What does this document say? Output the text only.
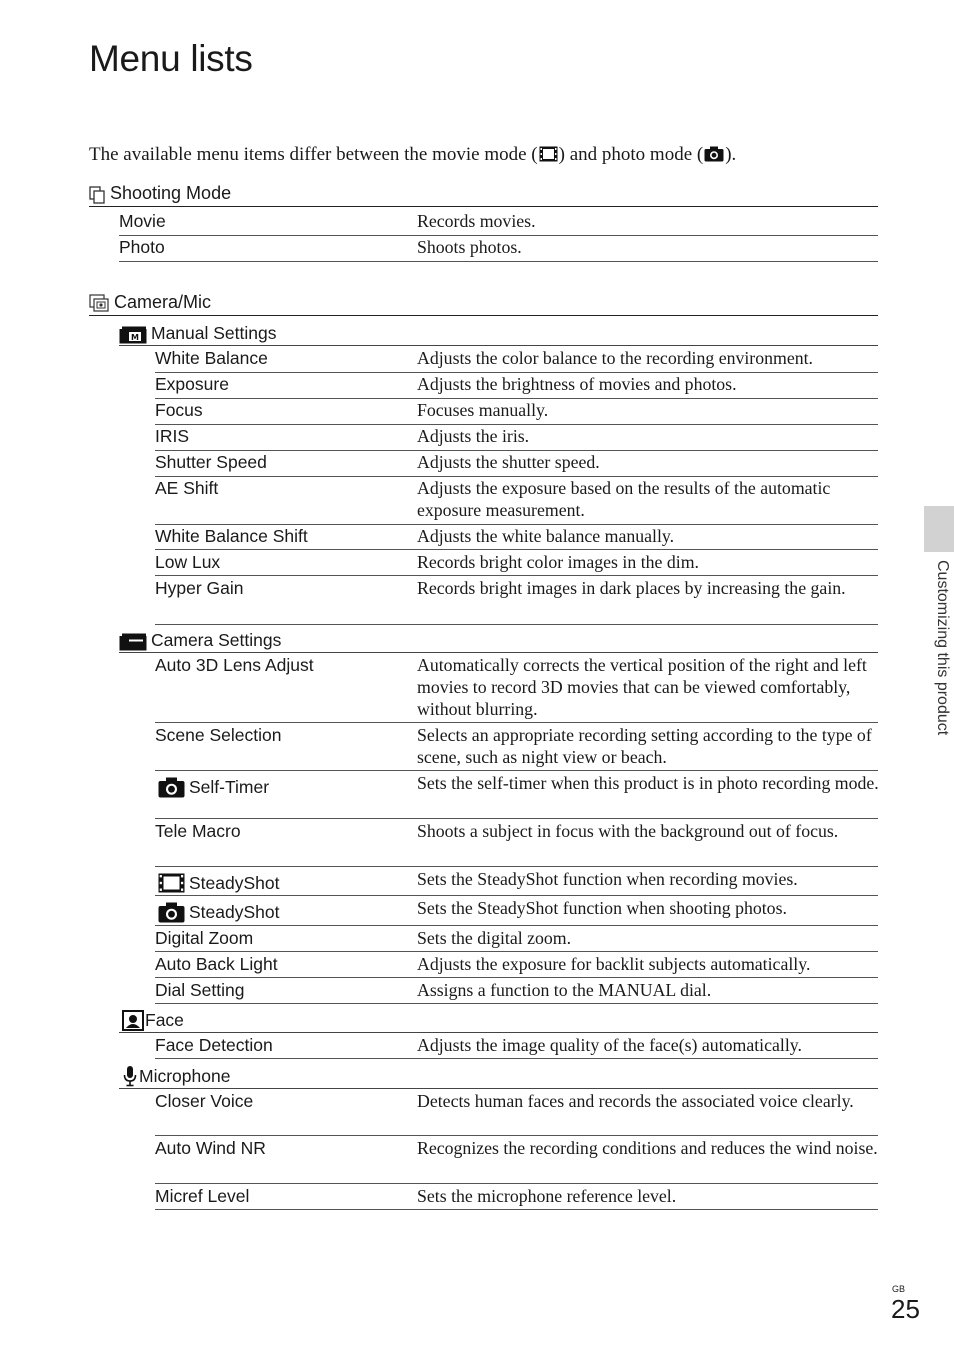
Menu lists
The available menu items differ between the movie mode ( ) and photo mode ( ).
Shooting Mode
Movie	Records movies.
Photo	Shoots photos.
Camera/Mic
M Manual Settings
White Balance	Adjusts the color balance to the recording environment.
Exposure	Adjusts the brightness of movies and photos.
Focus	Focuses manually.
IRIS	Adjusts the iris.
Shutter Speed	Adjusts the shutter speed.
AE Shift	Adjusts the exposure based on the results of the automatic exposure measurement.
White Balance Shift	Adjusts the white balance manually.
Low Lux	Records bright color images in the dim.
Hyper Gain	Records bright images in dark places by increasing the gain.
Camera Settings
Auto 3D Lens Adjust	Automatically corrects the vertical position of the right and left movies to record 3D movies that can be viewed comfortably, without blurring.
Scene Selection	Selects an appropriate recording setting according to the type of scene, such as night view or beach.
Self-Timer	Sets the self-timer when this product is in photo recording mode.
Tele Macro	Shoots a subject in focus with the background out of focus.
SteadyShot	Sets the SteadyShot function when recording movies.
SteadyShot	Sets the SteadyShot function when shooting photos.
Digital Zoom	Sets the digital zoom.
Auto Back Light	Adjusts the exposure for backlit subjects automatically.
Dial Setting	Assigns a function to the MANUAL dial.
Face
Face Detection	Adjusts the image quality of the face(s) automatically.
Microphone
Closer Voice	Detects human faces and records the associated voice clearly.
Auto Wind NR	Recognizes the recording conditions and reduces the wind noise.
Micref Level	Sets the microphone reference level.
Customizing this product
GB
25
